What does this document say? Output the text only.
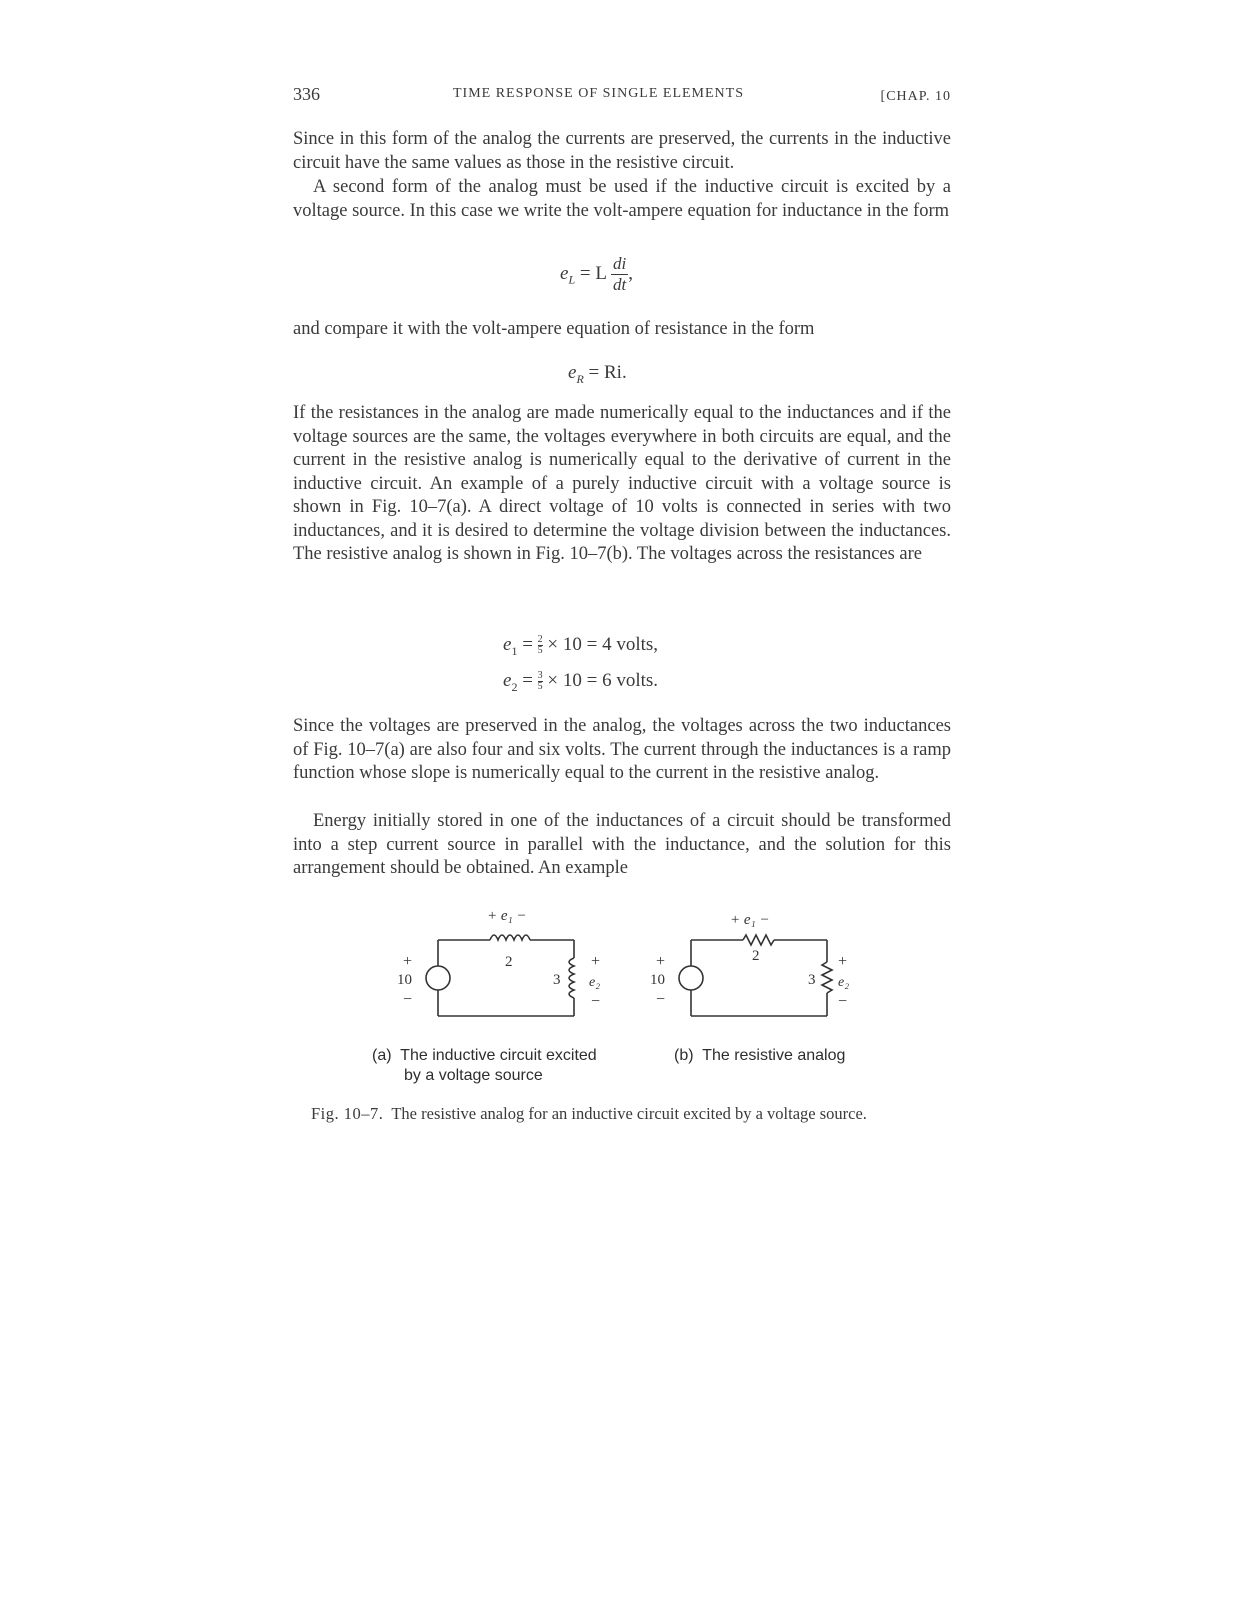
336	TIME RESPONSE OF SINGLE ELEMENTS	[CHAP. 10

Since in this form of the analog the currents are preserved, the currents in the inductive circuit have the same values as those in the resistive circuit.

A second form of the analog must be used if the inductive circuit is excited by a voltage source. In this case we write the volt-ampere equation for inductance in the form

$e_L = L \frac{di}{dt}$ ,

and compare it with the volt-ampere equation of resistance in the form

$e_R = Ri$.

If the resistances in the analog are made numerically equal to the inductances and if the voltage sources are the same, the voltages everywhere in both circuits are equal, and the current in the resistive analog is numerically equal to the derivative of current in the inductive circuit. An example of a purely inductive circuit with a voltage source is shown in Fig. 10–7(a). A direct voltage of 10 volts is connected in series with two inductances, and it is desired to determine the voltage division between the inductances. The resistive analog is shown in Fig. 10–7(b). The voltages across the resistances are

$e_1 = \frac{2}{5} \times 10 = 4$ volts,
$e_2 = \frac{3}{5} \times 10 = 6$ volts.

Since the voltages are preserved in the analog, the voltages across the two inductances of Fig. 10–7(a) are also four and six volts. The current through the inductances is a ramp function whose slope is numerically equal to the current in the resistive analog.

Energy initially stored in one of the inductances of a circuit should be transformed into a step current source in parallel with the inductance, and the solution for this arrangement should be obtained. An example

+ e₁ −
2
3
+
10
−
+
e₂
−
+ e₁ −
2
3
+
10
−
+
e₂
−
(a) The inductive circuit excited
by a voltage source
(b) The resistive analog
Fig. 10–7. The resistive analog for an inductive circuit excited by a voltage source.
